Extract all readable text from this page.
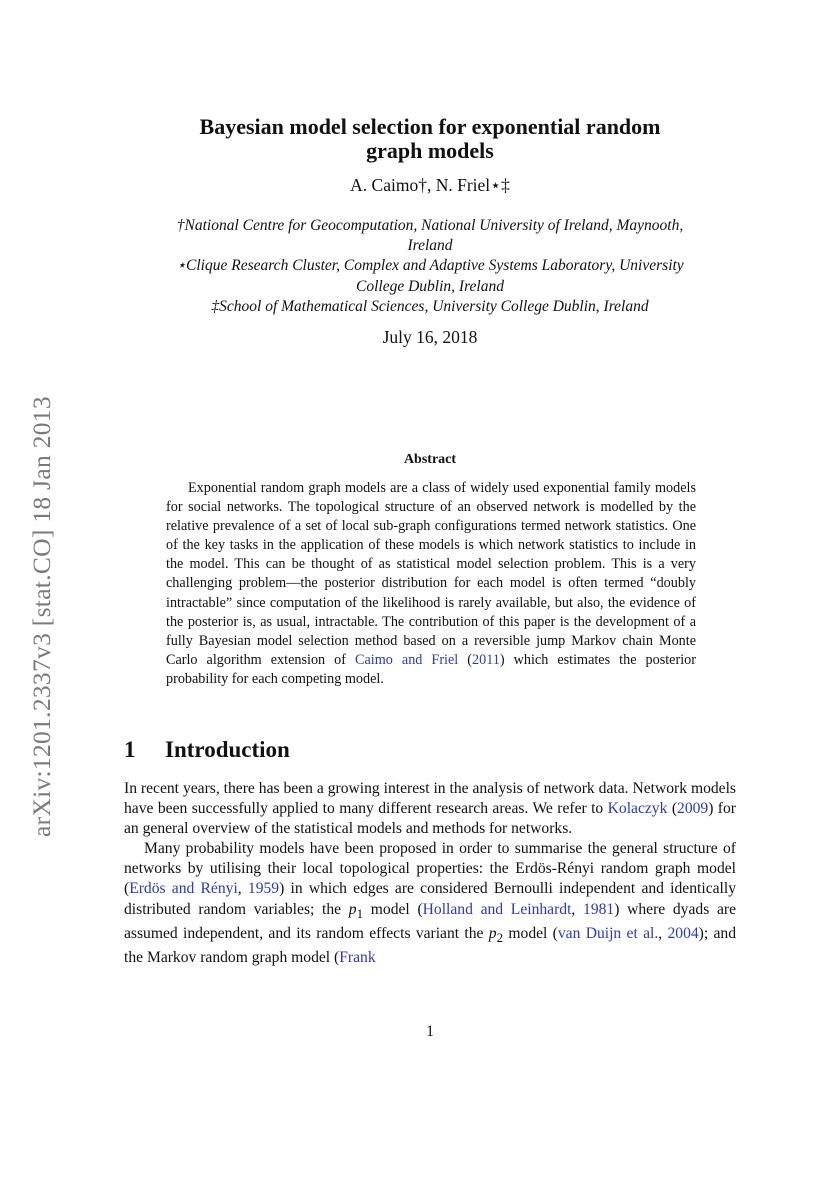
arXiv:1201.2337v3 [stat.CO] 18 Jan 2013
Bayesian model selection for exponential random
graph models
A. Caimo†, N. Friel⋆‡
†National Centre for Geocomputation, National University of Ireland, Maynooth,
Ireland
⋆Clique Research Cluster, Complex and Adaptive Systems Laboratory, University
College Dublin, Ireland
‡School of Mathematical Sciences, University College Dublin, Ireland
July 16, 2018
Abstract
Exponential random graph models are a class of widely used exponential family models for social networks. The topological structure of an observed network is modelled by the relative prevalence of a set of local sub-graph configurations termed network statistics. One of the key tasks in the application of these models is which network statistics to include in the model. This can be thought of as statistical model selection problem. This is a very challenging problem—the posterior distribution for each model is often termed “doubly intractable” since computation of the likelihood is rarely available, but also, the evidence of the posterior is, as usual, intractable. The contribution of this paper is the development of a fully Bayesian model selection method based on a reversible jump Markov chain Monte Carlo algorithm extension of Caimo and Friel (2011) which estimates the posterior probability for each competing model.
1 Introduction

In recent years, there has been a growing interest in the analysis of network data. Network models have been successfully applied to many different research areas. We refer to Kolaczyk (2009) for an general overview of the statistical models and methods for networks.

Many probability models have been proposed in order to summarise the general structure of networks by utilising their local topological properties: the Erdös-Rényi random graph model (Erdös and Rényi, 1959) in which edges are considered Bernoulli independent and identically distributed random variables; the $p_1$ model (Holland and Leinhardt, 1981) where dyads are assumed independent, and its random effects variant the $p_2$ model (van Duijn et al., 2004); and the Markov random graph model (Frank

1
